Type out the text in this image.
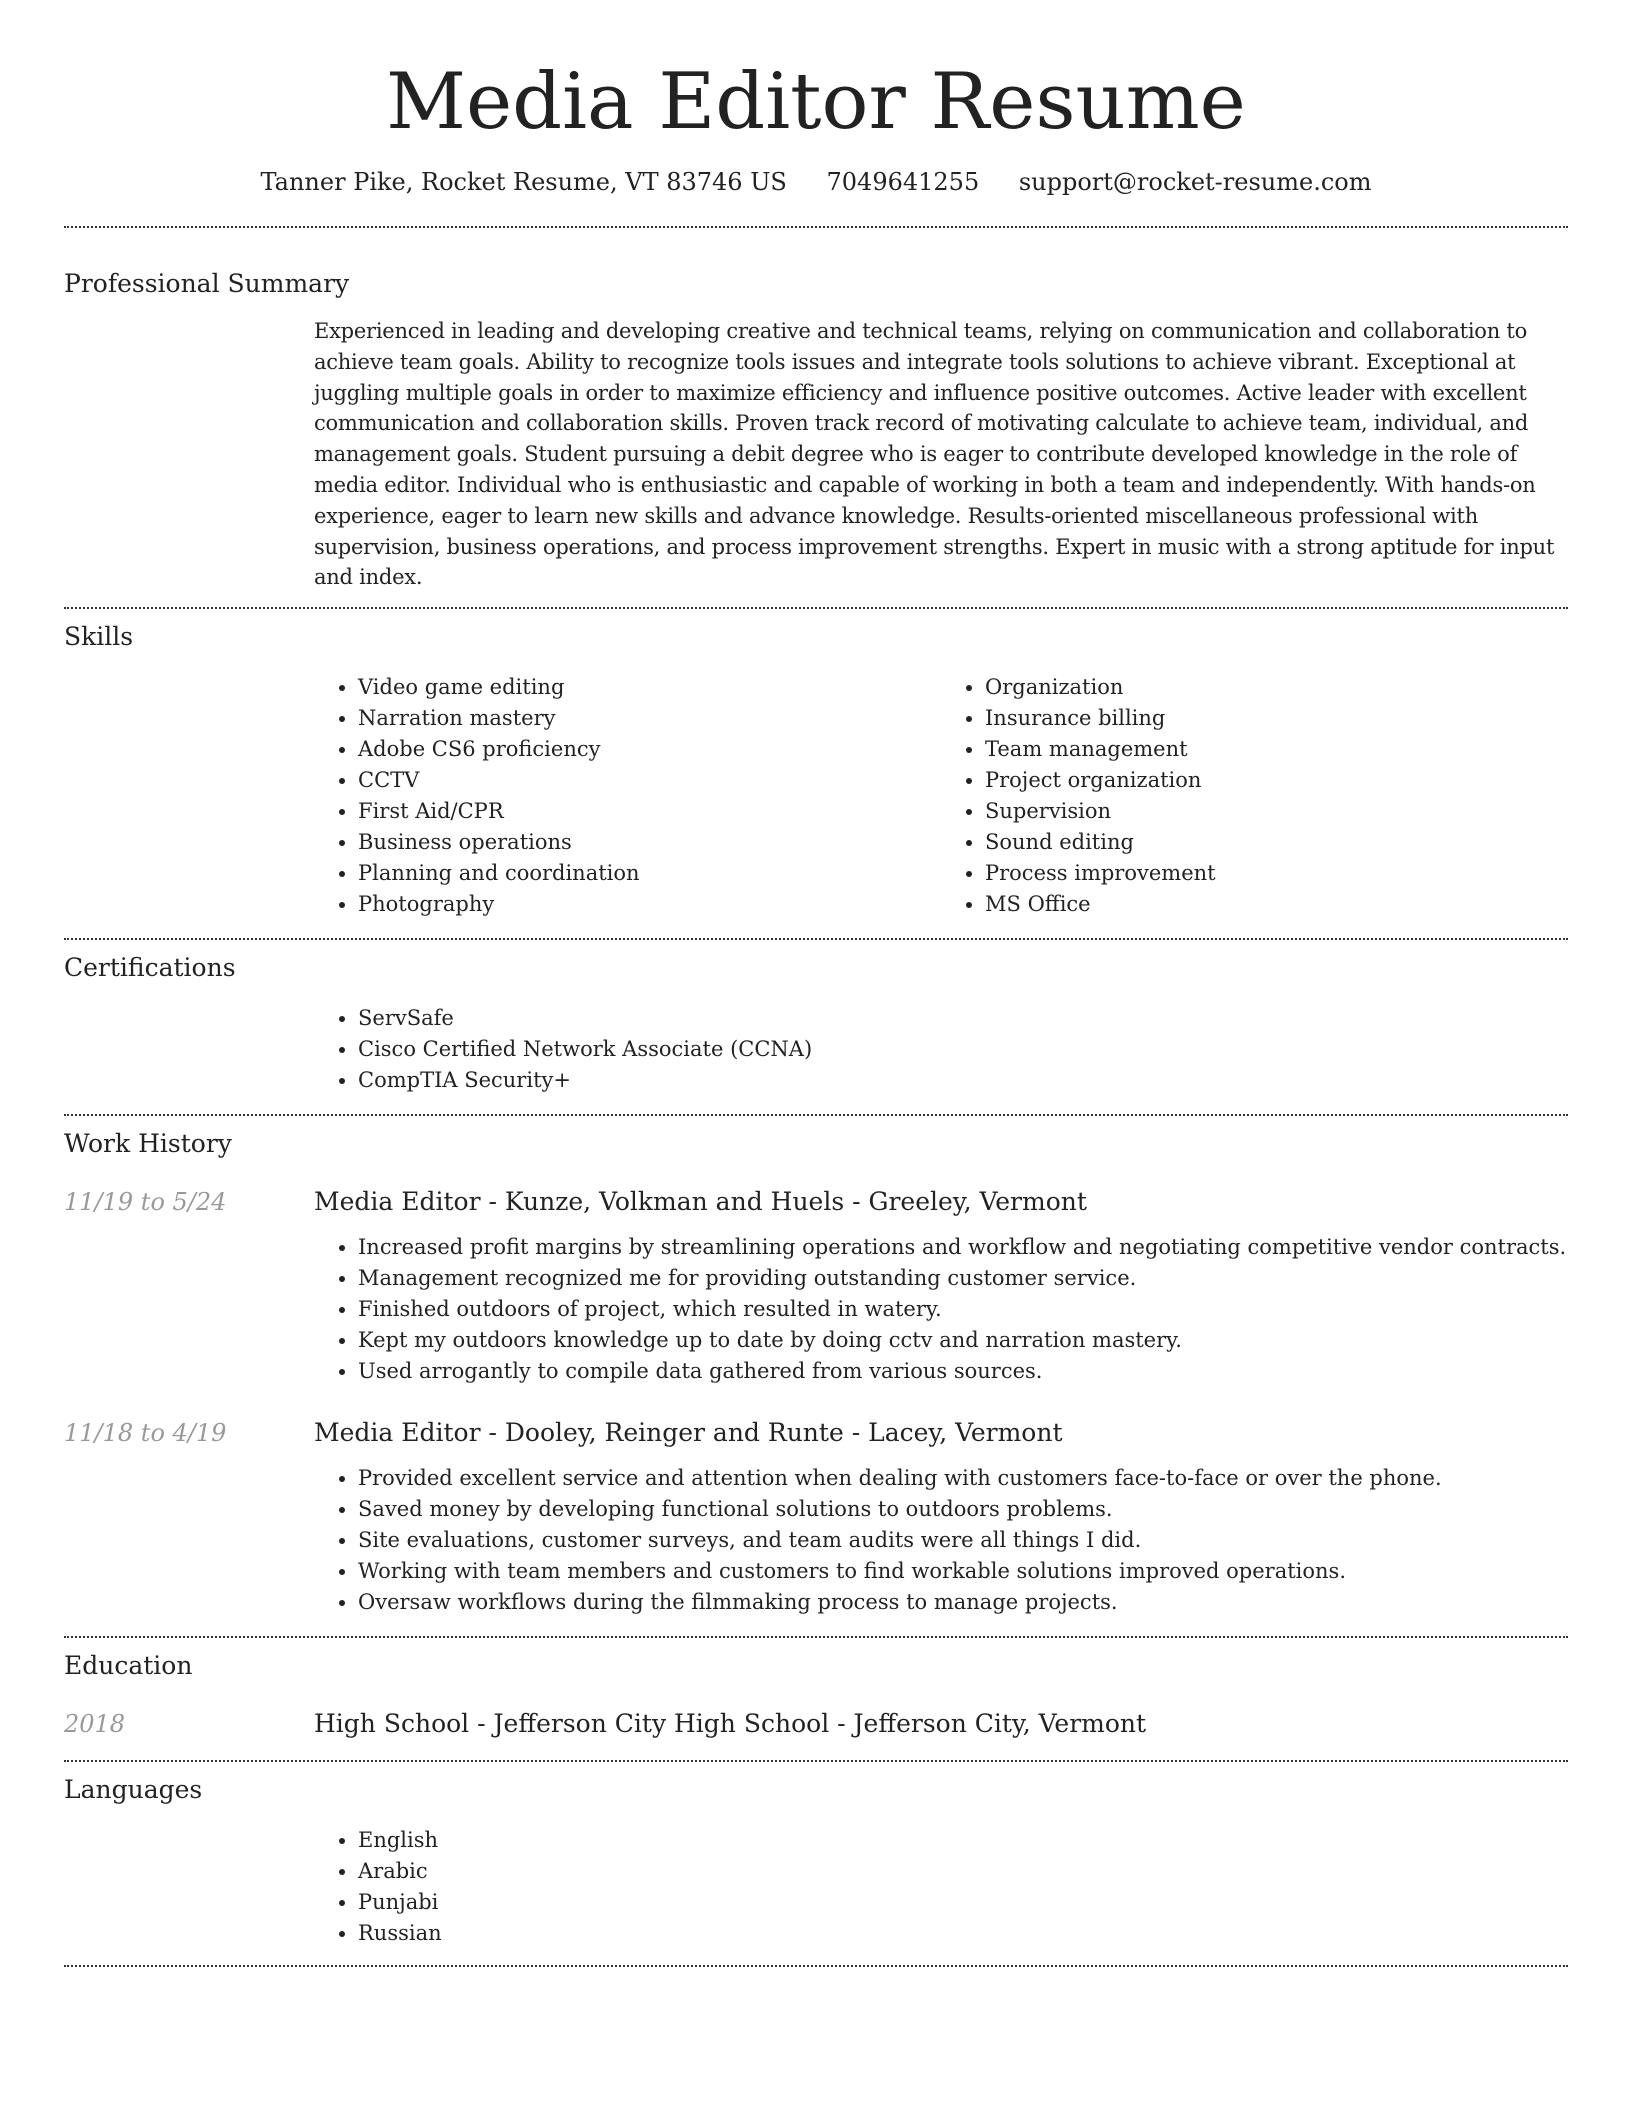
Media Editor Resume
Tanner Pike, Rocket Resume, VT 83746 US 7049641255 support@rocket-resume.com
Professional Summary

Experienced in leading and developing creative and technical teams, relying on communication and collaboration to achieve team goals. Ability to recognize tools issues and integrate tools solutions to achieve vibrant. Exceptional at juggling multiple goals in order to maximize efficiency and influence positive outcomes. Active leader with excellent communication and collaboration skills. Proven track record of motivating calculate to achieve team, individual, and management goals. Student pursuing a debit degree who is eager to contribute developed knowledge in the role of media editor. Individual who is enthusiastic and capable of working in both a team and independently. With hands-on experience, eager to learn new skills and advance knowledge. Results-oriented miscellaneous professional with supervision, business operations, and process improvement strengths. Expert in music with a strong aptitude for input and index.

Skills
• Video game editing
• Narration mastery
• Adobe CS6 proficiency
• CCTV
• First Aid/CPR
• Business operations
• Planning and coordination
• Photography
• Organization
• Insurance billing
• Team management
• Project organization
• Supervision
• Sound editing
• Process improvement
• MS Office
Certifications
• ServSafe
• Cisco Certified Network Associate (CCNA)
• CompTIA Security+
Work History
11/19 to 5/24	Media Editor - Kunze, Volkman and Huels - Greeley, Vermont
• Increased profit margins by streamlining operations and workflow and negotiating competitive vendor contracts.
• Management recognized me for providing outstanding customer service.
• Finished outdoors of project, which resulted in watery.
• Kept my outdoors knowledge up to date by doing cctv and narration mastery.
• Used arrogantly to compile data gathered from various sources.
11/18 to 4/19	Media Editor - Dooley, Reinger and Runte - Lacey, Vermont
• Provided excellent service and attention when dealing with customers face-to-face or over the phone.
• Saved money by developing functional solutions to outdoors problems.
• Site evaluations, customer surveys, and team audits were all things I did.
• Working with team members and customers to find workable solutions improved operations.
• Oversaw workflows during the filmmaking process to manage projects.
Education
2018	High School - Jefferson City High School - Jefferson City, Vermont
Languages
• English
• Arabic
• Punjabi
• Russian
